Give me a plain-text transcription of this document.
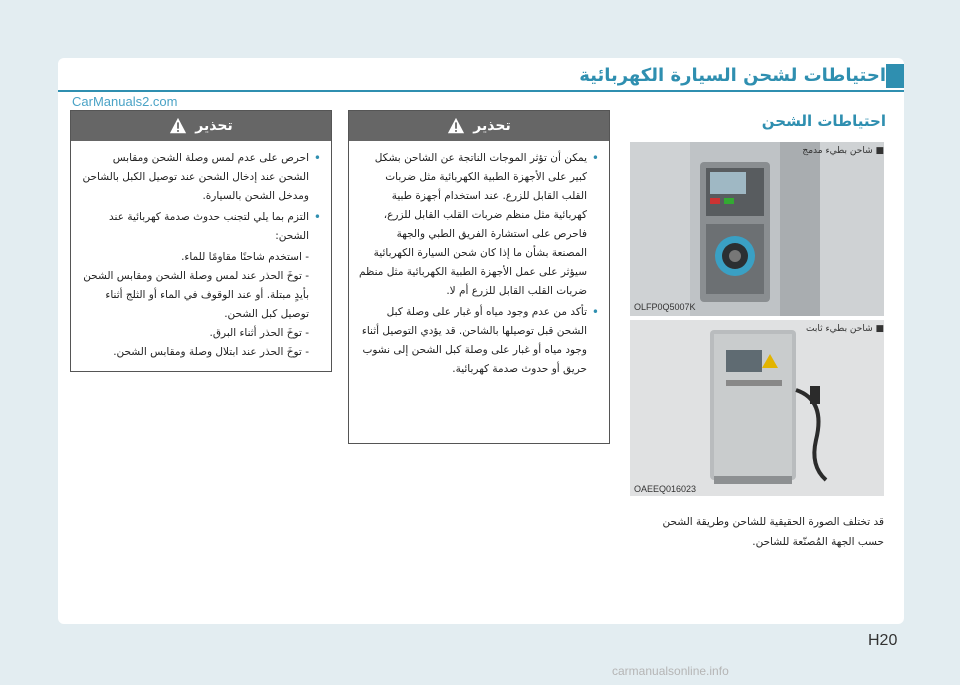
احتياطات لشحن السيارة الكهربائية
CarManuals2.com
احتياطات الشحن
■ شاحن بطيء مدمج
OLFP0Q5007K
■ شاحن بطيء ثابت
OAEEQ016023
قد تختلف الصورة الحقيقية للشاحن وطريقة الشحن حسب الجهة المُصنّعة للشاحن.
تحذير
• يمكن أن تؤثر الموجات الناتجة عن الشاحن بشكل كبير على الأجهزة الطبية الكهربائية مثل ضربات القلب القابل للزرع. عند استخدام أجهزة طبية كهربائية مثل منظم ضربات القلب القابل للزرع، فاحرص على استشارة الفريق الطبي والجهة المصنعة بشأن ما إذا كان شحن السيارة الكهربائية سيؤثر على عمل الأجهزة الطبية الكهربائية مثل منظم ضربات القلب القابل للزرع أم لا.
• تأكد من عدم وجود مياه أو غبار على وصلة كبل الشحن قبل توصيلها بالشاحن. قد يؤدي التوصيل أثناء وجود مياه أو غبار على وصلة كبل الشحن إلى نشوب حريق أو حدوث صدمة كهربائية.
تحذير
• احرص على عدم لمس وصلة الشحن ومقابس الشحن عند إدخال الشحن عند توصيل الكبل بالشاحن ومدخل الشحن بالسيارة.
• التزم بما يلي لتجنب حدوث صدمة كهربائية عند الشحن:
- استخدم شاحنًا مقاومًا للماء.
- توخَ الحذر عند لمس وصلة الشحن ومقابس الشحن بأيدٍ مبتلة. أو عند الوقوف في الماء أو الثلج أثناء توصيل كبل الشحن.
- توخَ الحذر أثناء البرق.
- توخَ الحذر عند ابتلال وصلة ومقابس الشحن.
H20
carmanualsonline.info
